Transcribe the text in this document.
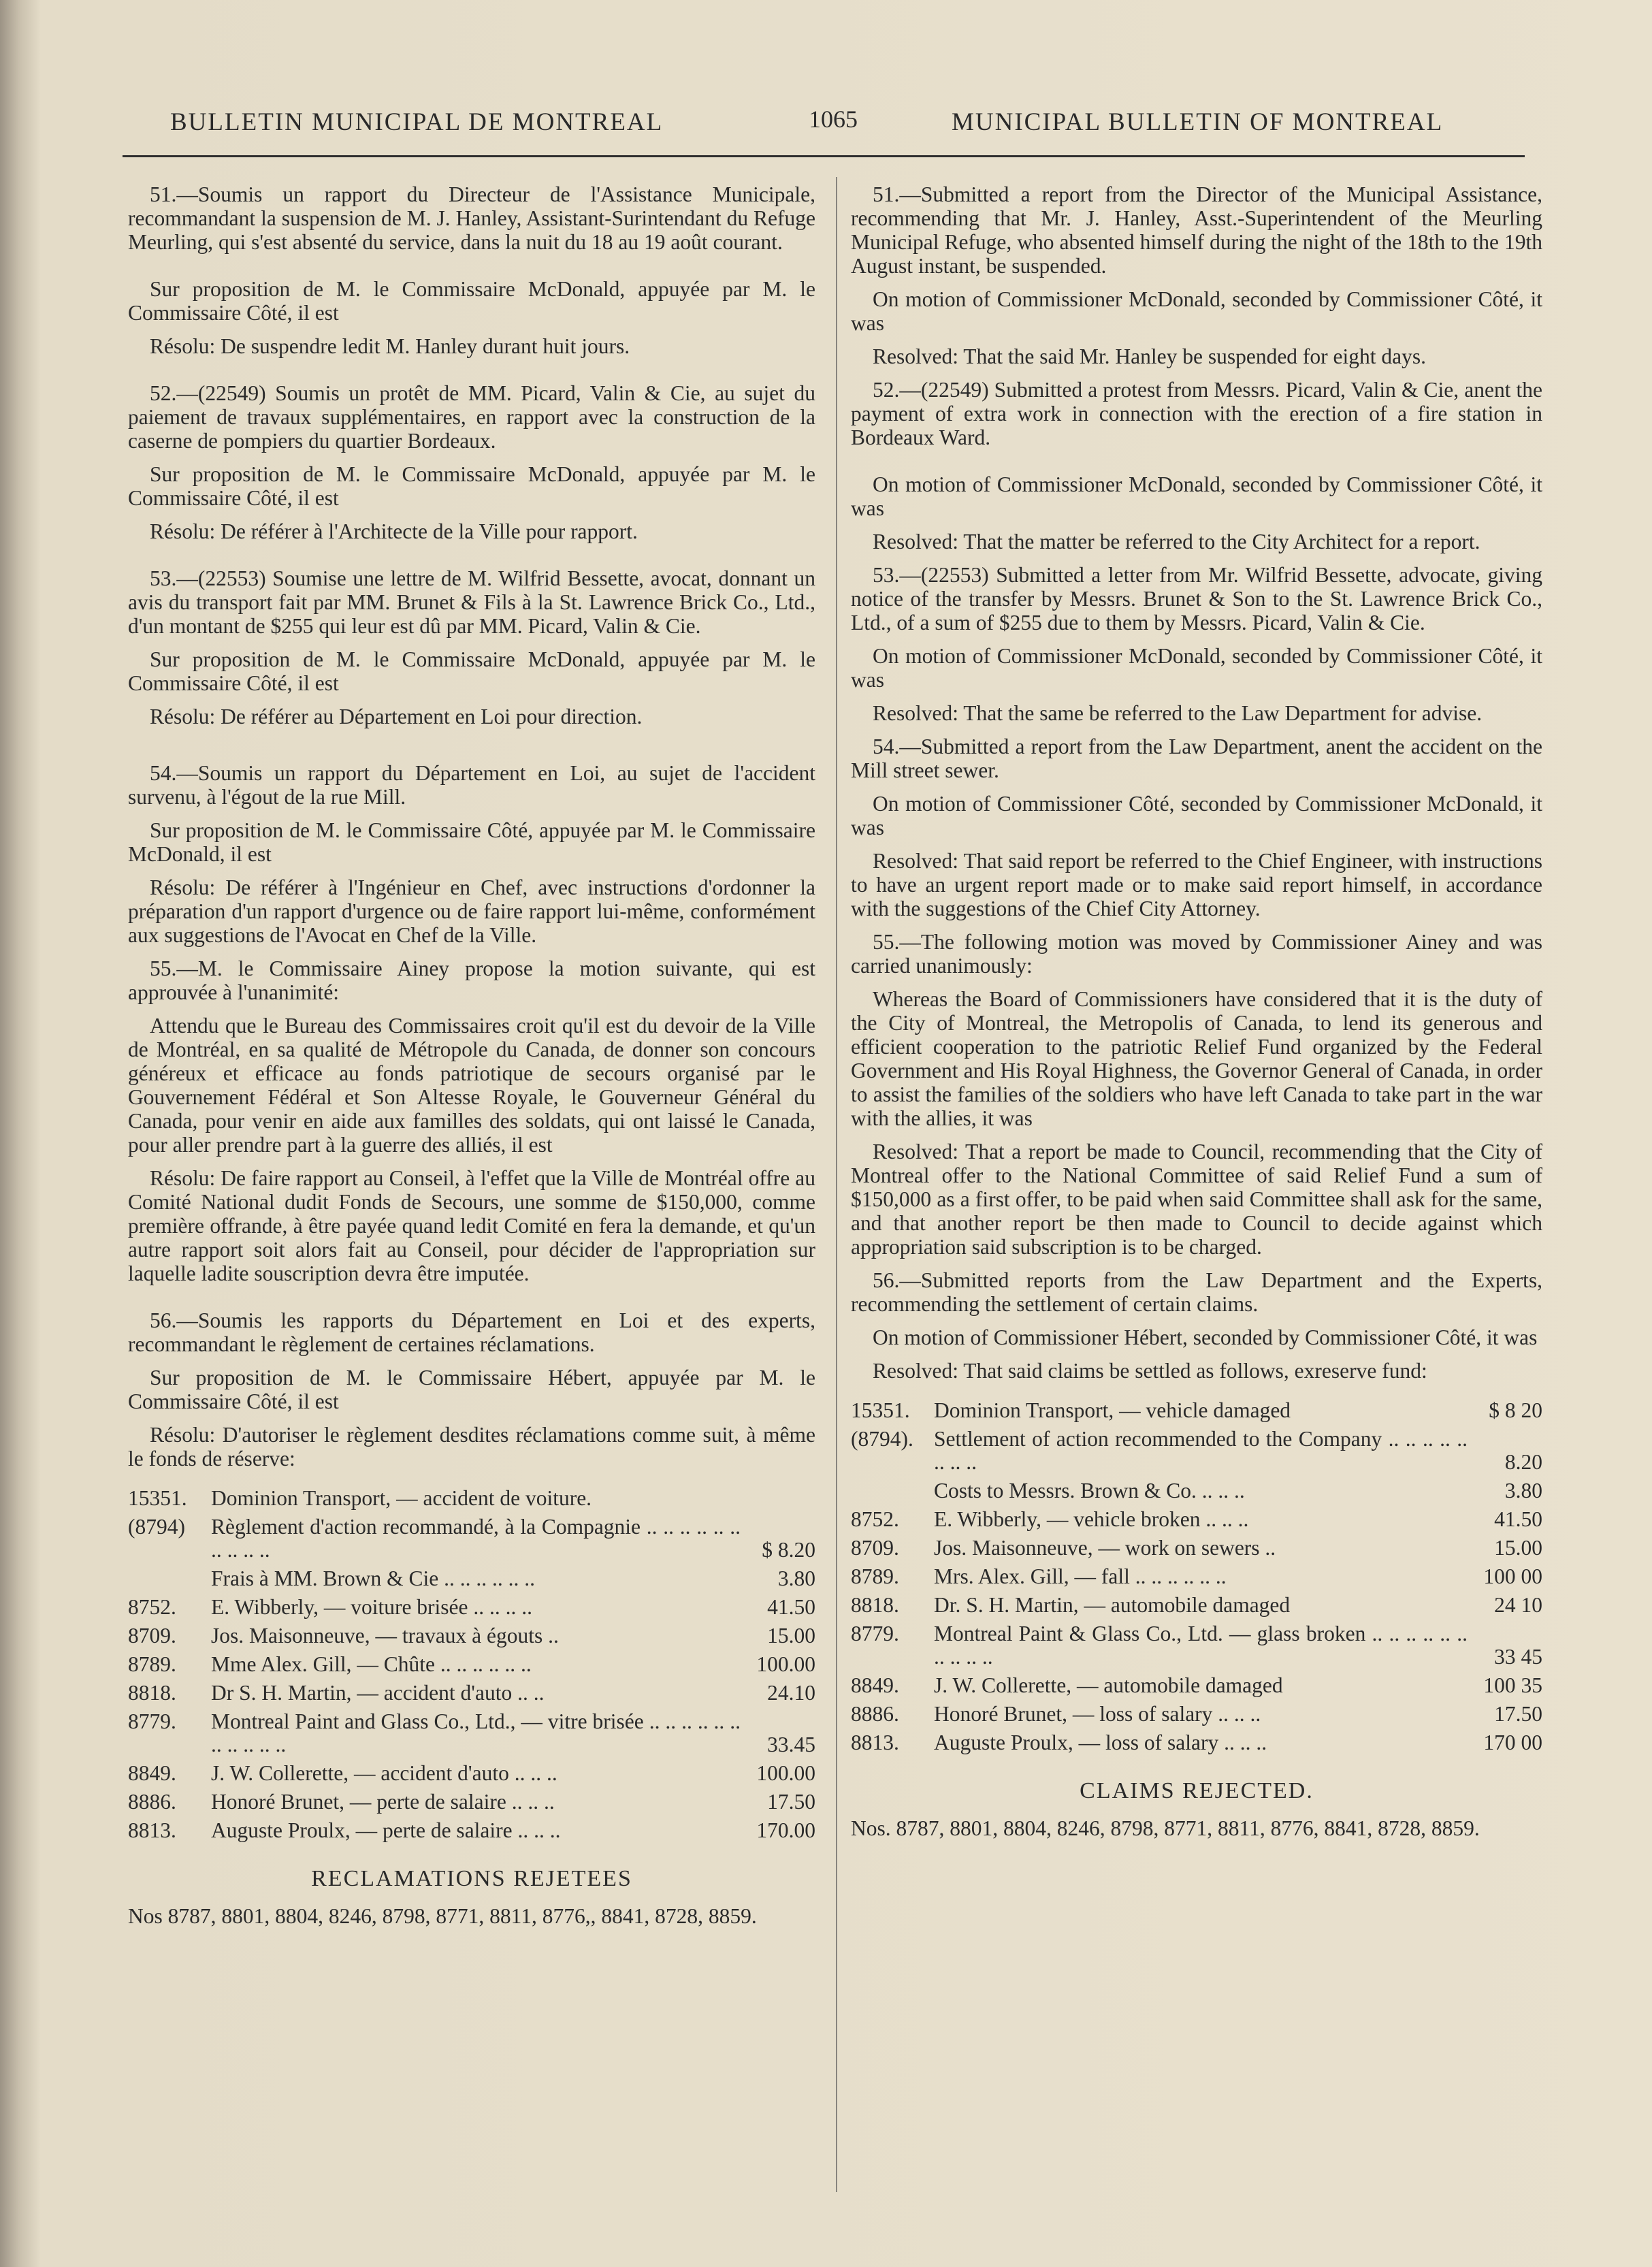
BULLETIN MUNICIPAL DE MONTREAL	1065	MUNICIPAL BULLETIN OF MONTREAL

51.—Soumis un rapport du Directeur de l'Assistance Municipale, recommandant la suspension de M. J. Hanley, Assistant-Surintendant du Refuge Meurling, qui s'est absenté du service, dans la nuit du 18 au 19 août courant.

Sur proposition de M. le Commissaire McDonald, appuyée par M. le Commissaire Côté, il est

Résolu: De suspendre ledit M. Hanley durant huit jours.

52.—(22549) Soumis un protêt de MM. Picard, Valin & Cie, au sujet du paiement de travaux supplémentaires, en rapport avec la construction de la caserne de pompiers du quartier Bordeaux.

Sur proposition de M. le Commissaire McDonald, appuyée par M. le Commissaire Côté, il est

Résolu: De référer à l'Architecte de la Ville pour rapport.

53.—(22553) Soumise une lettre de M. Wilfrid Bessette, avocat, donnant un avis du transport fait par MM. Brunet & Fils à la St. Lawrence Brick Co., Ltd., d'un montant de $255 qui leur est dû par MM. Picard, Valin & Cie.

Sur proposition de M. le Commissaire McDonald, appuyée par M. le Commissaire Côté, il est

Résolu: De référer au Département en Loi pour direction.

54.—Soumis un rapport du Département en Loi, au sujet de l'accident survenu, à l'égout de la rue Mill.

Sur proposition de M. le Commissaire Côté, appuyée par M. le Commissaire McDonald, il est

Résolu: De référer à l'Ingénieur en Chef, avec instructions d'ordonner la préparation d'un rapport d'urgence ou de faire rapport lui-même, conformément aux suggestions de l'Avocat en Chef de la Ville.

55.—M. le Commissaire Ainey propose la motion suivante, qui est approuvée à l'unanimité:

Attendu que le Bureau des Commissaires croit qu'il est du devoir de la Ville de Montréal, en sa qualité de Métropole du Canada, de donner son concours généreux et efficace au fonds patriotique de secours organisé par le Gouvernement Fédéral et Son Altesse Royale, le Gouverneur Général du Canada, pour venir en aide aux familles des soldats, qui ont laissé le Canada, pour aller prendre part à la guerre des alliés, il est

Résolu: De faire rapport au Conseil, à l'effet que la Ville de Montréal offre au Comité National dudit Fonds de Secours, une somme de $150,000, comme première offrande, à être payée quand ledit Comité en fera la demande, et qu'un autre rapport soit alors fait au Conseil, pour décider de l'appropriation sur laquelle ladite souscription devra être imputée.

56.—Soumis les rapports du Département en Loi et des experts, recommandant le règlement de certaines réclamations.

Sur proposition de M. le Commissaire Hébert, appuyée par M. le Commissaire Côté, il est

Résolu: D'autoriser le règlement desdites réclamations comme suit, à même le fonds de réserve:

15351.	Dominion Transport, — accident de voiture.	
(8794)	Règlement d'action recommandé, à la Compagnie .. .. .. .. .. .. .. .. .. ..	$ 8.20
	Frais à MM. Brown & Cie .. .. .. .. .. ..	3.80
8752.	E. Wibberly, — voiture brisée .. .. .. ..	41.50
8709.	Jos. Maisonneuve, — travaux à égouts ..	15.00
8789.	Mme Alex. Gill, — Chûte .. .. .. .. .. ..	100.00
8818.	Dr S. H. Martin, — accident d'auto .. ..	24.10
8779.	Montreal Paint and Glass Co., Ltd., — vitre brisée .. .. .. .. .. .. .. .. .. .. ..	33.45
8849.	J. W. Collerette, — accident d'auto .. .. ..	100.00
8886.	Honoré Brunet, — perte de salaire .. .. ..	17.50
8813.	Auguste Proulx, — perte de salaire .. .. ..	170.00
RECLAMATIONS REJETEES

Nos 8787, 8801, 8804, 8246, 8798, 8771, 8811, 8776,, 8841, 8728, 8859.

51.—Submitted a report from the Director of the Municipal Assistance, recommending that Mr. J. Hanley, Asst.-Superintendent of the Meurling Municipal Refuge, who absented himself during the night of the 18th to the 19th August instant, be suspended.

On motion of Commissioner McDonald, seconded by Commissioner Côté, it was

Resolved: That the said Mr. Hanley be suspended for eight days.

52.—(22549) Submitted a protest from Messrs. Picard, Valin & Cie, anent the payment of extra work in connection with the erection of a fire station in Bordeaux Ward.

On motion of Commissioner McDonald, seconded by Commissioner Côté, it was

Resolved: That the matter be referred to the City Architect for a report.

53.—(22553) Submitted a letter from Mr. Wilfrid Bessette, advocate, giving notice of the transfer by Messrs. Brunet & Son to the St. Lawrence Brick Co., Ltd., of a sum of $255 due to them by Messrs. Picard, Valin & Cie.

On motion of Commissioner McDonald, seconded by Commissioner Côté, it was

Resolved: That the same be referred to the Law Department for advise.

54.—Submitted a report from the Law Department, anent the accident on the Mill street sewer.

On motion of Commissioner Côté, seconded by Commissioner McDonald, it was

Resolved: That said report be referred to the Chief Engineer, with instructions to have an urgent report made or to make said report himself, in accordance with the suggestions of the Chief City Attorney.

55.—The following motion was moved by Commissioner Ainey and was carried unanimously:

Whereas the Board of Commissioners have considered that it is the duty of the City of Montreal, the Metropolis of Canada, to lend its generous and efficient cooperation to the patriotic Relief Fund organized by the Federal Government and His Royal Highness, the Governor General of Canada, in order to assist the families of the soldiers who have left Canada to take part in the war with the allies, it was

Resolved: That a report be made to Council, recommending that the City of Montreal offer to the National Committee of said Relief Fund a sum of $150,000 as a first offer, to be paid when said Committee shall ask for the same, and that another report be then made to Council to decide against which appropriation said subscription is to be charged.

56.—Submitted reports from the Law Department and the Experts, recommending the settlement of certain claims.

On motion of Commissioner Hébert, seconded by Commissioner Côté, it was

Resolved: That said claims be settled as follows, exreserve fund:

15351.	Dominion Transport, — vehicle damaged	$ 8 20
(8794).	Settlement of action recommended to the Company .. .. .. .. .. .. .. ..	8.20
	Costs to Messrs. Brown & Co. .. .. ..	3.80
8752.	E. Wibberly, — vehicle broken .. .. ..	41.50
8709.	Jos. Maisonneuve, — work on sewers ..	15.00
8789.	Mrs. Alex. Gill, — fall .. .. .. .. .. ..	100 00
8818.	Dr. S. H. Martin, — automobile damaged	24 10
8779.	Montreal Paint & Glass Co., Ltd. — glass broken .. .. .. .. .. .. .. .. .. ..	33 45
8849.	J. W. Collerette, — automobile damaged	100 35
8886.	Honoré Brunet, — loss of salary .. .. ..	17.50
8813.	Auguste Proulx, — loss of salary .. .. ..	170 00
CLAIMS REJECTED.

Nos. 8787, 8801, 8804, 8246, 8798, 8771, 8811, 8776, 8841, 8728, 8859.
